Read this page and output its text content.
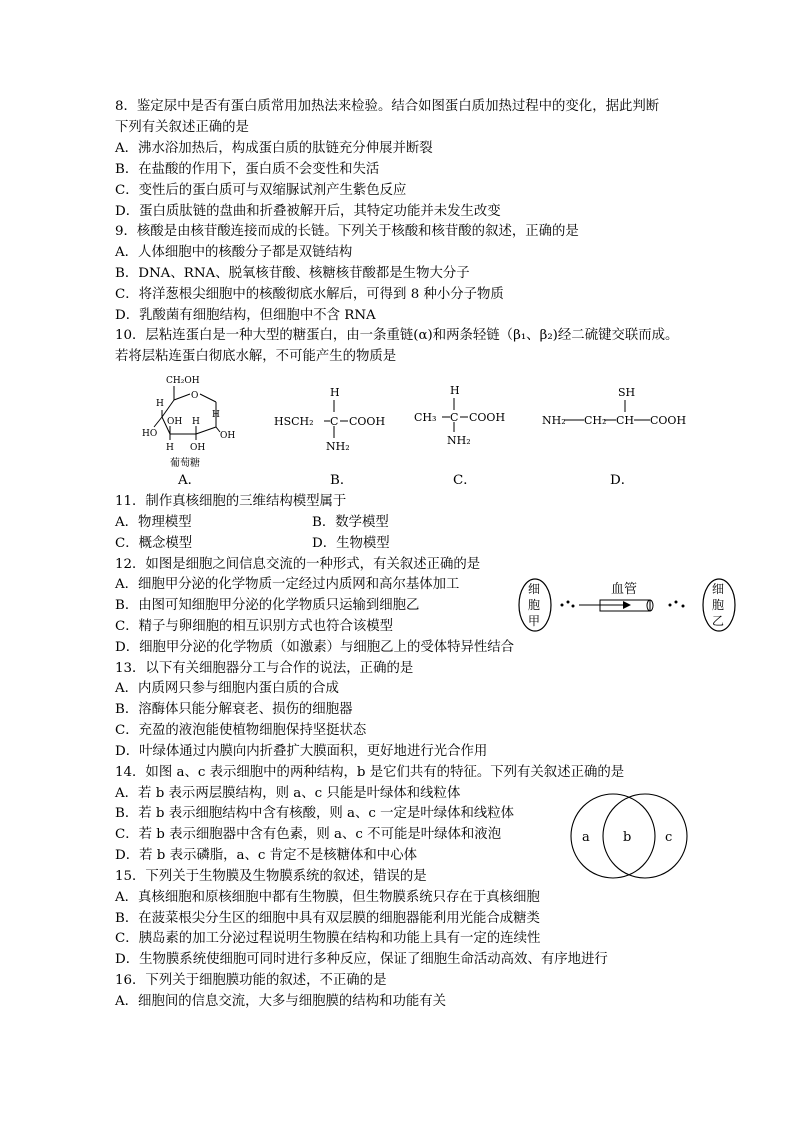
8．鉴定尿中是否有蛋白质常用加热法来检验。结合如图蛋白质加热过程中的变化，据此判断
下列有关叙述正确的是
A．沸水浴加热后，构成蛋白质的肽链充分伸展并断裂
B．在盐酸的作用下，蛋白质不会变性和失活
C．变性后的蛋白质可与双缩脲试剂产生紫色反应
D．蛋白质肽链的盘曲和折叠被解开后，其特定功能并未发生改变
9．核酸是由核苷酸连接而成的长链。下列关于核酸和核苷酸的叙述，正确的是
A．人体细胞中的核酸分子都是双链结构
B．DNA、RNA、脱氧核苷酸、核糖核苷酸都是生物大分子
C．将洋葱根尖细胞中的核酸彻底水解后，可得到 8 种小分子物质
D．乳酸菌有细胞结构，但细胞中不含 RNA
10．层粘连蛋白是一种大型的糖蛋白，由一条重链(α)和两条轻链（β₁、β₂)经二硫键交联而成。
若将层粘连蛋白彻底水解，不可能产生的物质是
CH₂OH
H
O
H
OH H
HO	OH
H OH
葡萄糖
H
HSCH₂ C COOH
NH₂
H
CH₃ C COOH
NH₂
SH
NH₂ CH₂ CH COOH
A．	B．	C．	D．
11．制作真核细胞的三维结构模型属于
A．物理模型	B．数学模型
C．概念模型	D．生物模型
12．如图是细胞之间信息交流的一种形式，有关叙述正确的是
A．细胞甲分泌的化学物质一定经过内质网和高尔基体加工
B．由图可知细胞甲分泌的化学物质只运输到细胞乙
C．精子与卵细胞的相互识别方式也符合该模型
D．细胞甲分泌的化学物质（如激素）与细胞乙上的受体特异性结合
细
胞
甲
血管	细
胞
乙
13．以下有关细胞器分工与合作的说法，正确的是
A．内质网只参与细胞内蛋白质的合成
B．溶酶体只能分解衰老、损伤的细胞器
C．充盈的液泡能使植物细胞保持坚挺状态
D．叶绿体通过内膜向内折叠扩大膜面积，更好地进行光合作用
14．如图 a、c 表示细胞中的两种结构，b 是它们共有的特征。下列有关叙述正确的是
A．若 b 表示两层膜结构，则 a、c 只能是叶绿体和线粒体
B．若 b 表示细胞结构中含有核酸，则 a、c 一定是叶绿体和线粒体
C．若 b 表示细胞器中含有色素，则 a、c 不可能是叶绿体和液泡
D．若 b 表示磷脂，a、c 肯定不是核糖体和中心体
a	b	c
15．下列关于生物膜及生物膜系统的叙述，错误的是
A．真核细胞和原核细胞中都有生物膜，但生物膜系统只存在于真核细胞
B．在菠菜根尖分生区的细胞中具有双层膜的细胞器能利用光能合成糖类
C．胰岛素的加工分泌过程说明生物膜在结构和功能上具有一定的连续性
D．生物膜系统使细胞可同时进行多种反应，保证了细胞生命活动高效、有序地进行
16．下列关于细胞膜功能的叙述，不正确的是
A．细胞间的信息交流，大多与细胞膜的结构和功能有关
